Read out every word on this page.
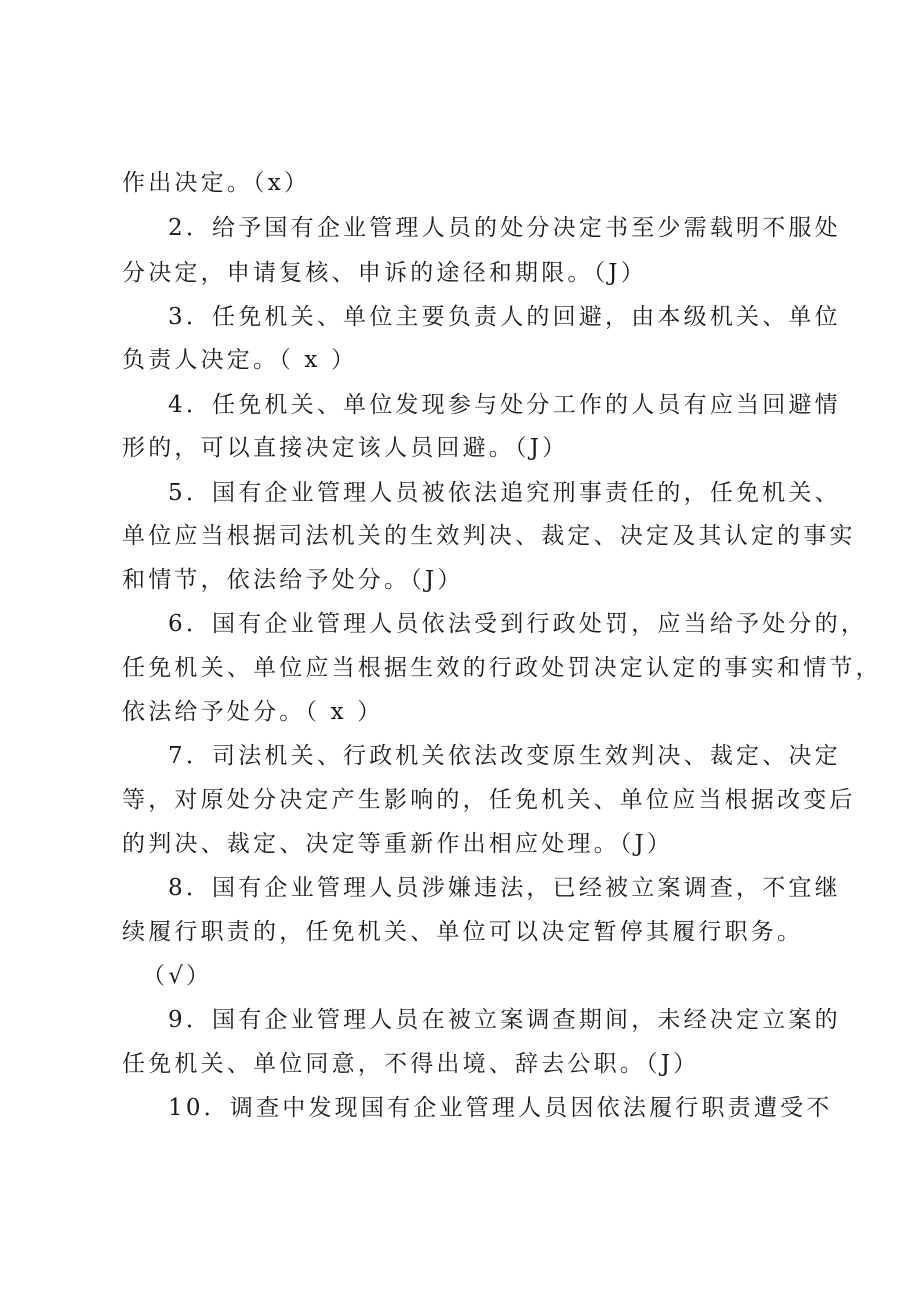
作出决定。（x）
2．给予国有企业管理人员的处分决定书至少需载明不服处
分决定，申请复核、申诉的途径和期限。（J）
3．任免机关、单位主要负责人的回避，由本级机关、单位
负责人决定。（ x ）
4．任免机关、单位发现参与处分工作的人员有应当回避情
形的，可以直接决定该人员回避。（J）
5．国有企业管理人员被依法追究刑事责任的，任免机关、
单位应当根据司法机关的生效判决、裁定、决定及其认定的事实
和情节，依法给予处分。（J）
6．国有企业管理人员依法受到行政处罚，应当给予处分的，
任免机关、单位应当根据生效的行政处罚决定认定的事实和情节，
依法给予处分。（ x ）
7．司法机关、行政机关依法改变原生效判决、裁定、决定
等，对原处分决定产生影响的，任免机关、单位应当根据改变后
的判决、裁定、决定等重新作出相应处理。（J）
8．国有企业管理人员涉嫌违法，已经被立案调查，不宜继
续履行职责的，任免机关、单位可以决定暂停其履行职务。
（√）
9．国有企业管理人员在被立案调查期间，未经决定立案的
任免机关、单位同意，不得出境、辞去公职。（J）
10．调查中发现国有企业管理人员因依法履行职责遭受不
